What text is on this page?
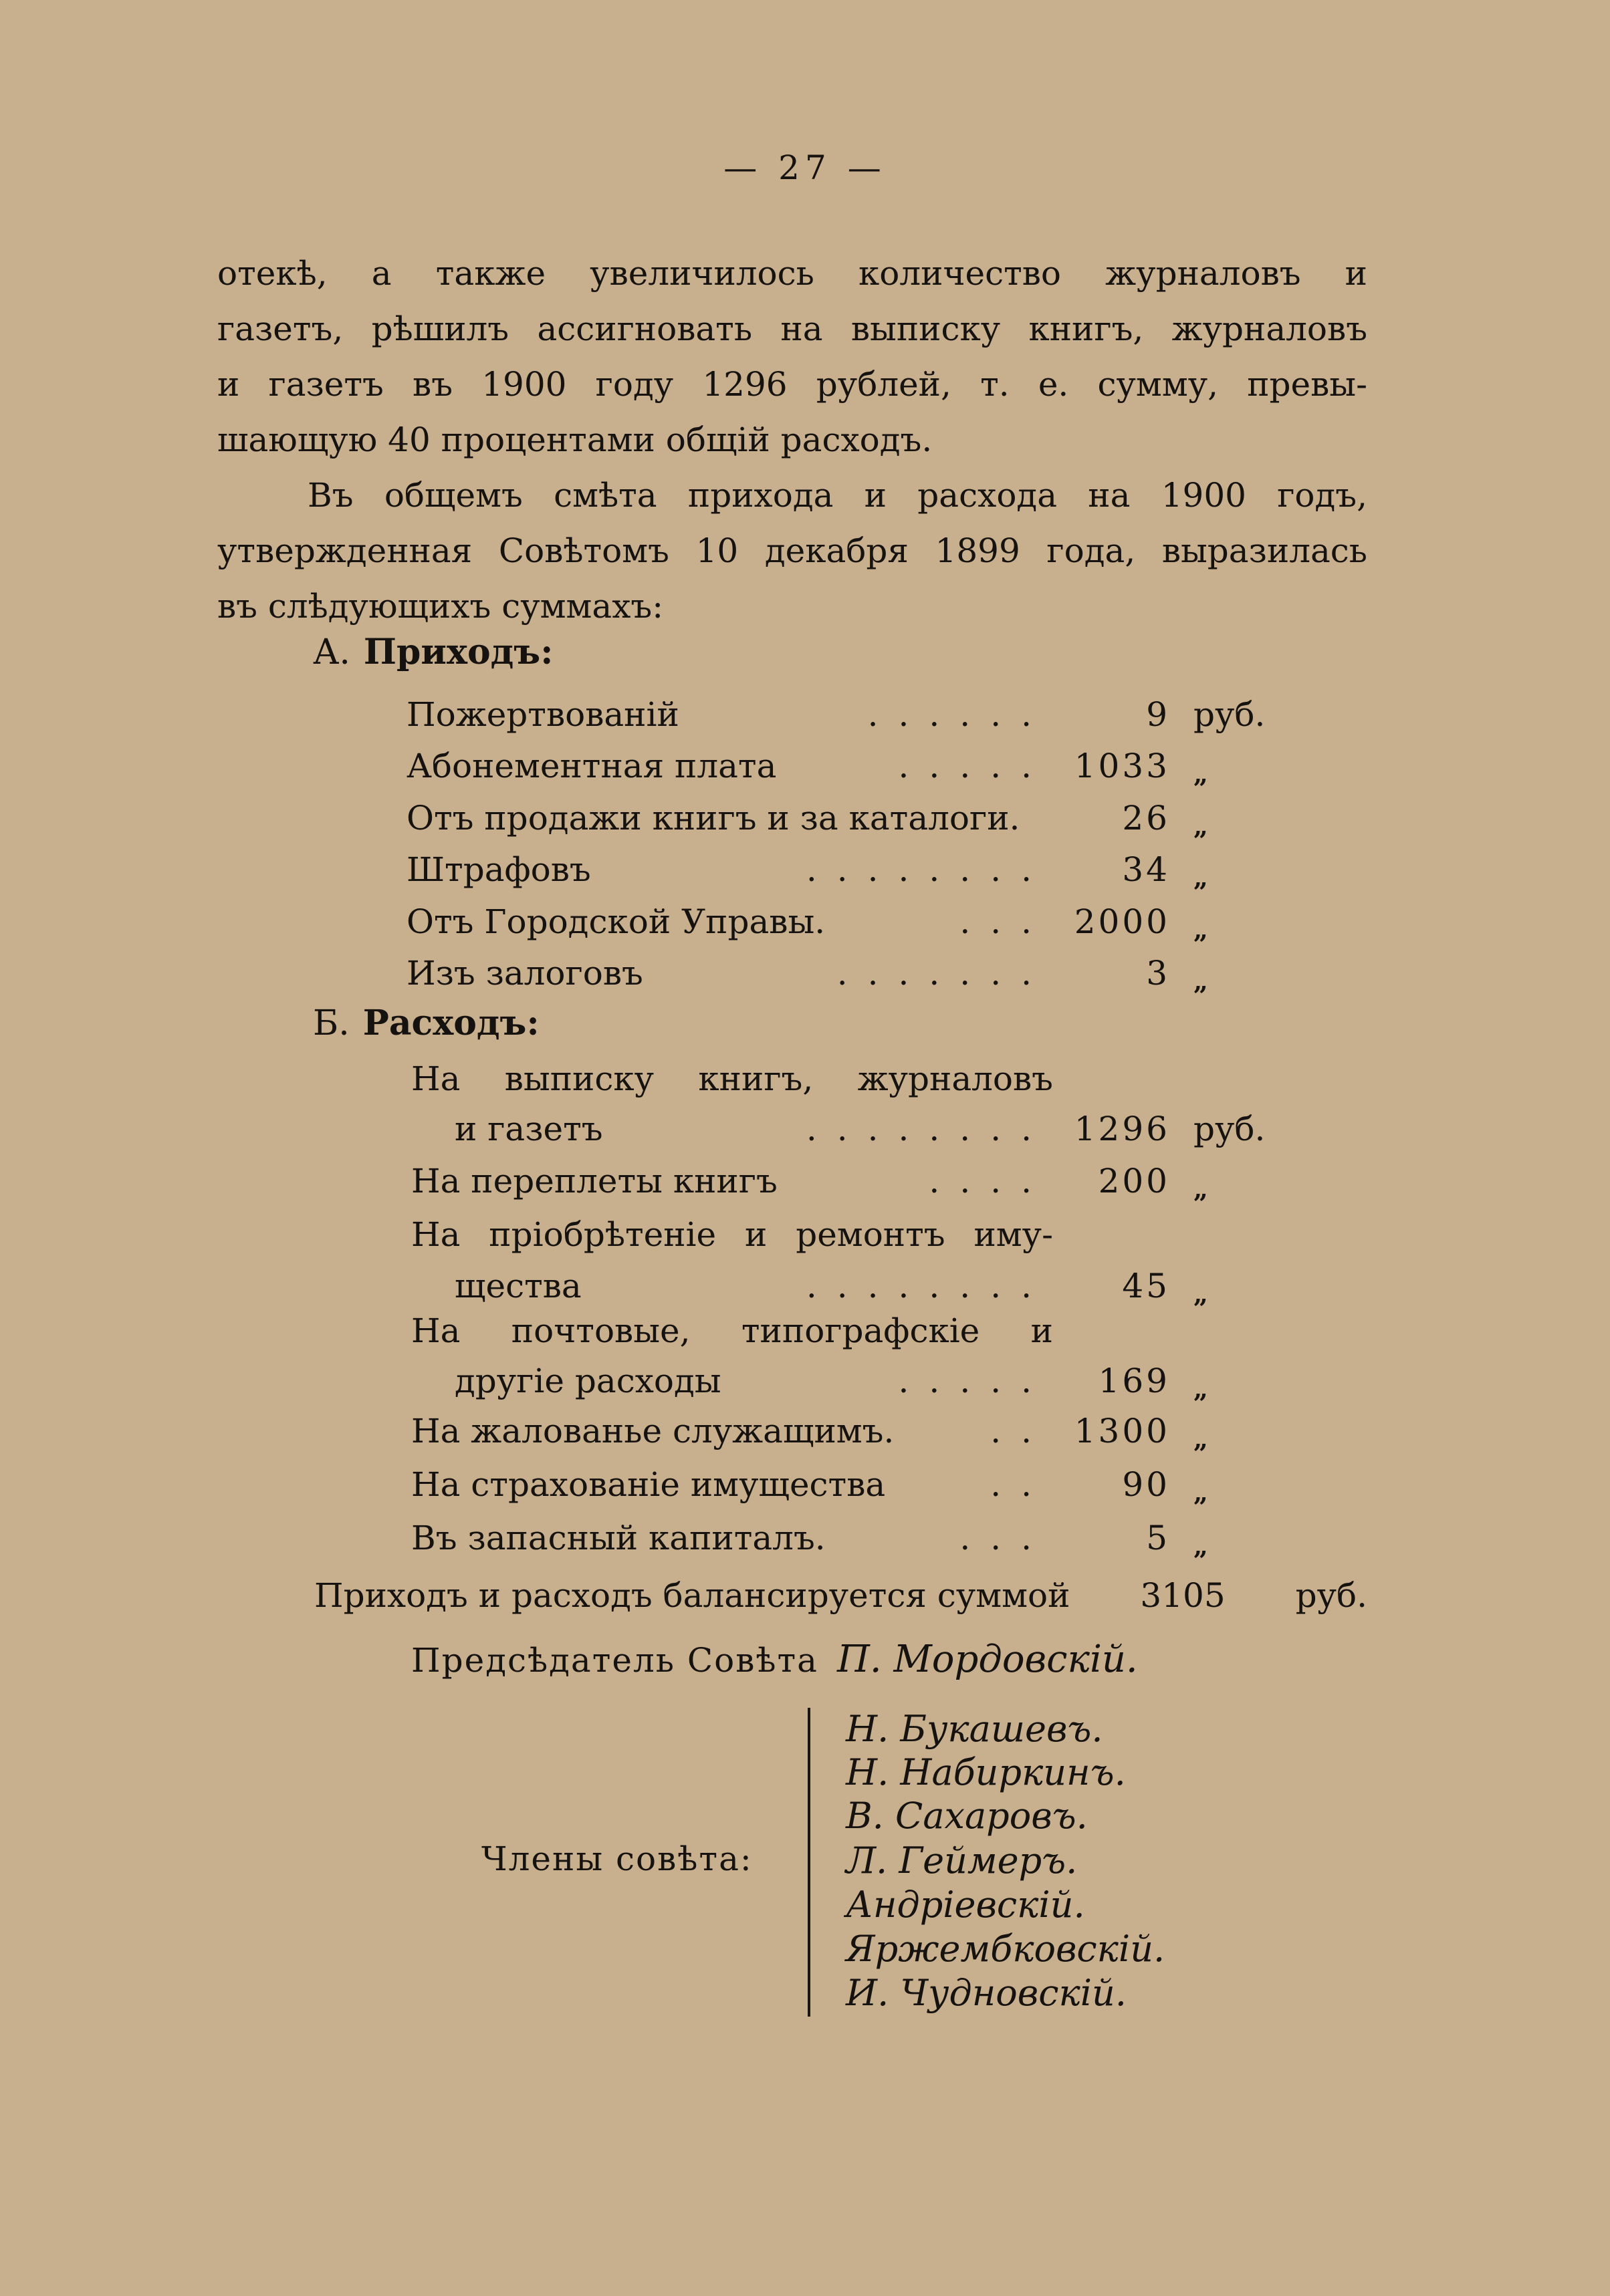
— 27 —
отекѣ, а также увеличилось количество журналовъ и
газетъ, рѣшилъ ассигновать на выписку книгъ, журналовъ
и газетъ въ 1900 году 1296 рублей, т. е. сумму, превы-
шающую 40 процентами общій расходъ.
Въ общемъ смѣта прихода и расхода на 1900 годъ,
утвержденная Совѣтомъ 10 декабря 1899 года, выразилась
въ слѣдующихъ суммахъ:
А. Приходъ:
Б. Расходъ:
Пожертвованій	......	9 руб.
Абонементная плата	..... 1033 „
Отъ продажи книгъ и за каталоги.	26 „
Штрафовъ	........	34 „
Отъ Городской Управы.	... 2000 „
Изъ залоговъ	.......	3 „
На выписку книгъ, журналовъ
и газетъ	........ 1296 руб.
На переплеты книгъ	....	200 „
На пріобрѣтеніе и ремонтъ иму-
щества	........	45 „
На почтовые, типографскіе и
другіе расходы	.....	169 „
На жалованье служащимъ.	.. 1300 „
На страхованіе имущества	..	90 „
Въ запасный капиталъ.	...	5 „
Приходъ и расходъ балансируется суммой 3105 руб.
Предсѣдатель Совѣта П. Мордовскій.
Члены совѣта:
Н. Букашевъ.
Н. Набиркинъ.
В. Сахаровъ.
Л. Геймеръ.
Андріевскій.
Яржембковскій.
И. Чудновскій.
